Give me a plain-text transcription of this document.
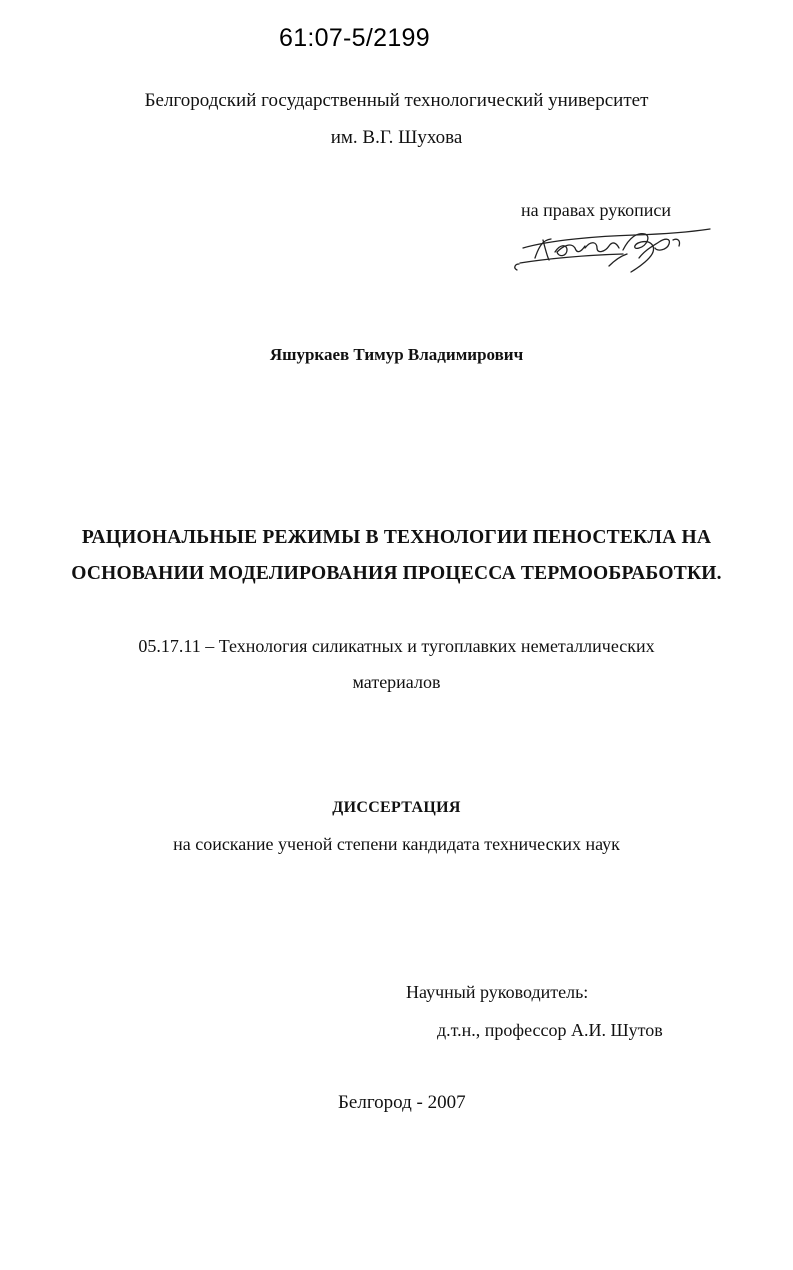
61:07-5/2199
Белгородский государственный технологический университет
им. В.Г. Шухова
на правах рукописи
Яшуркаев Тимур Владимирович
РАЦИОНАЛЬНЫЕ РЕЖИМЫ В ТЕХНОЛОГИИ ПЕНОСТЕКЛА НА
ОСНОВАНИИ МОДЕЛИРОВАНИЯ ПРОЦЕССА ТЕРМООБРАБОТКИ.
05.17.11 – Технология силикатных и тугоплавких неметаллических
материалов
ДИССЕРТАЦИЯ
на соискание ученой степени кандидата технических наук
Научный руководитель:
д.т.н., профессор А.И. Шутов
Белгород - 2007
